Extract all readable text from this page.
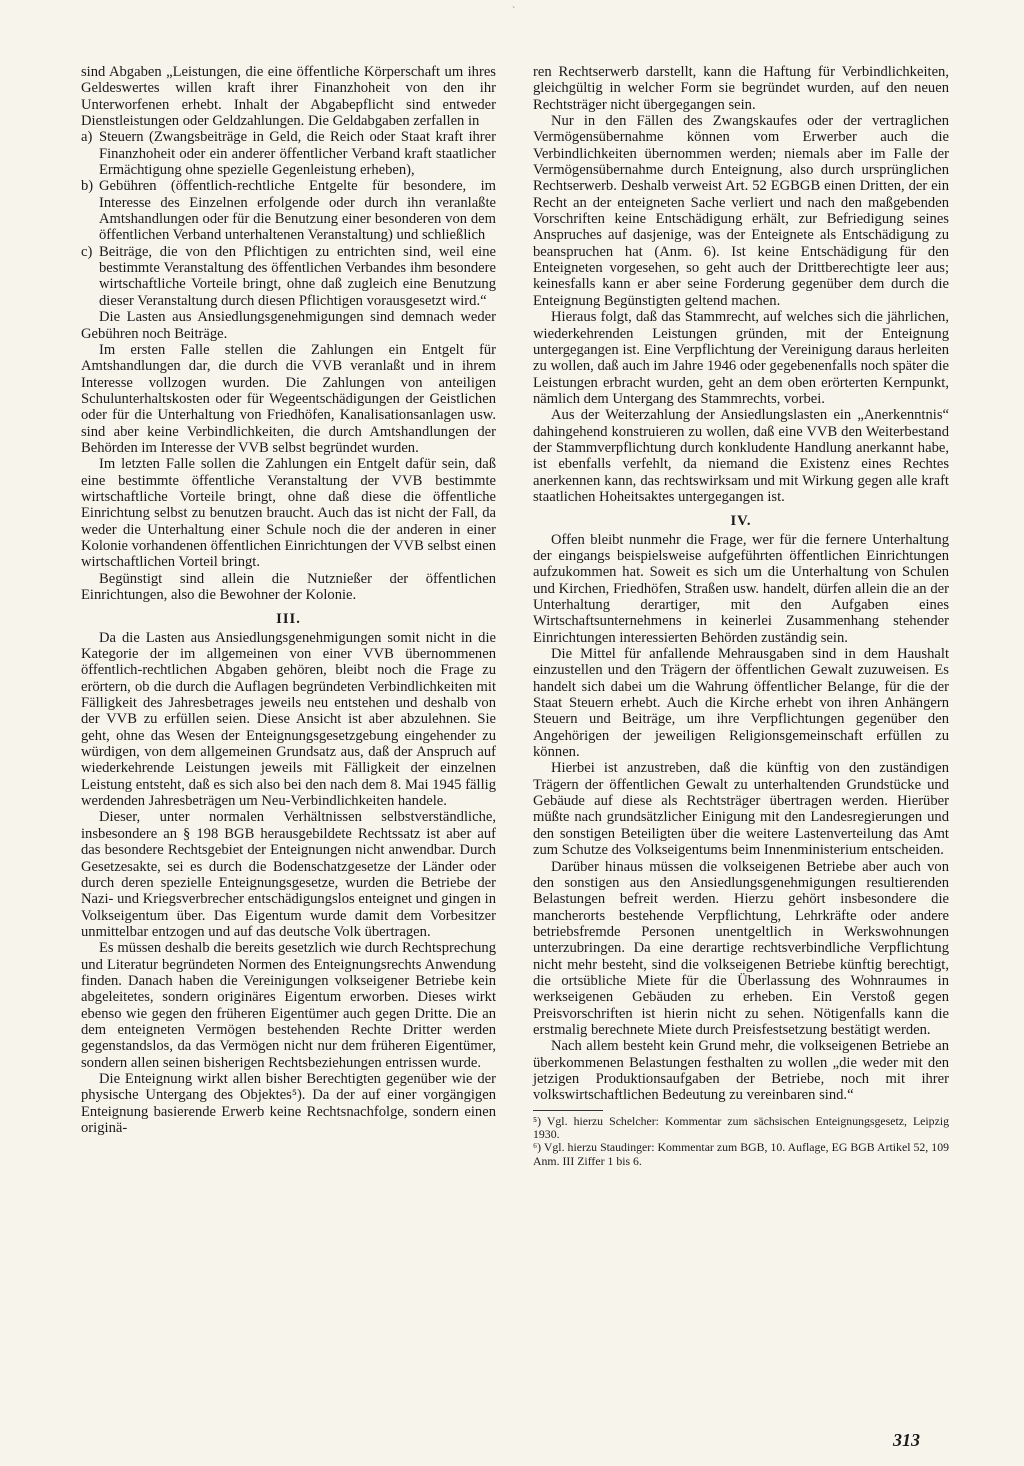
`

sind Abgaben „Leistungen, die eine öffentliche Körperschaft um ihres Geldeswertes willen kraft ihrer Finanzhoheit von den ihr Unterworfenen erhebt. Inhalt der Abgabepflicht sind entweder Dienstleistungen oder Geldzahlungen. Die Geldabgaben zerfallen in

a) Steuern (Zwangsbeiträge in Geld, die Reich oder Staat kraft ihrer Finanzhoheit oder ein anderer öffentlicher Verband kraft staatlicher Ermächtigung ohne spezielle Gegenleistung erheben),
b) Gebühren (öffentlich-rechtliche Entgelte für besondere, im Interesse des Einzelnen erfolgende oder durch ihn veranlaßte Amtshandlungen oder für die Benutzung einer besonderen von dem öffentlichen Verband unterhaltenen Veranstaltung) und schließlich
c) Beiträge, die von den Pflichtigen zu entrichten sind, weil eine bestimmte Veranstaltung des öffentlichen Verbandes ihm besondere wirtschaftliche Vorteile bringt, ohne daß zugleich eine Benutzung dieser Veranstaltung durch diesen Pflichtigen vorausgesetzt wird.“

Die Lasten aus Ansiedlungsgenehmigungen sind demnach weder Gebühren noch Beiträge.

Im ersten Falle stellen die Zahlungen ein Entgelt für Amtshandlungen dar, die durch die VVB veranlaßt und in ihrem Interesse vollzogen wurden. Die Zahlungen von anteiligen Schulunterhaltskosten oder für Wegeentschädigungen der Geistlichen oder für die Unterhaltung von Friedhöfen, Kanalisationsanlagen usw. sind aber keine Verbindlichkeiten, die durch Amtshandlungen der Behörden im Interesse der VVB selbst begründet wurden.

Im letzten Falle sollen die Zahlungen ein Entgelt dafür sein, daß eine bestimmte öffentliche Veranstaltung der VVB bestimmte wirtschaftliche Vorteile bringt, ohne daß diese die öffentliche Einrichtung selbst zu benutzen braucht. Auch das ist nicht der Fall, da weder die Unterhaltung einer Schule noch die der anderen in einer Kolonie vorhandenen öffentlichen Einrichtungen der VVB selbst einen wirtschaftlichen Vorteil bringt.

Begünstigt sind allein die Nutznießer der öffentlichen Einrichtungen, also die Bewohner der Kolonie.

III.

Da die Lasten aus Ansiedlungsgenehmigungen somit nicht in die Kategorie der im allgemeinen von einer VVB übernommenen öffentlich-rechtlichen Abgaben gehören, bleibt noch die Frage zu erörtern, ob die durch die Auflagen begründeten Verbindlichkeiten mit Fälligkeit des Jahresbetrages jeweils neu entstehen und deshalb von der VVB zu erfüllen seien. Diese Ansicht ist aber abzulehnen. Sie geht, ohne das Wesen der Enteignungsgesetzgebung eingehender zu würdigen, von dem allgemeinen Grundsatz aus, daß der Anspruch auf wiederkehrende Leistungen jeweils mit Fälligkeit der einzelnen Leistung entsteht, daß es sich also bei den nach dem 8. Mai 1945 fällig werdenden Jahresbeträgen um Neu-Verbindlichkeiten handele.

Dieser, unter normalen Verhältnissen selbstverständliche, insbesondere an § 198 BGB herausgebildete Rechtssatz ist aber auf das besondere Rechtsgebiet der Enteignungen nicht anwendbar. Durch Gesetzesakte, sei es durch die Bodenschatzgesetze der Länder oder durch deren spezielle Enteignungsgesetze, wurden die Betriebe der Nazi- und Kriegsverbrecher entschädigungslos enteignet und gingen in Volkseigentum über. Das Eigentum wurde damit dem Vorbesitzer unmittelbar entzogen und auf das deutsche Volk übertragen.

Es müssen deshalb die bereits gesetzlich wie durch Rechtsprechung und Literatur begründeten Normen des Enteignungsrechts Anwendung finden. Danach haben die Vereinigungen volkseigener Betriebe kein abgeleitetes, sondern originäres Eigentum erworben. Dieses wirkt ebenso wie gegen den früheren Eigentümer auch gegen Dritte. Die an dem enteigneten Vermögen bestehenden Rechte Dritter werden gegenstandslos, da das Vermögen nicht nur dem früheren Eigentümer, sondern allen seinen bisherigen Rechtsbeziehungen entrissen wurde.

Die Enteignung wirkt allen bisher Berechtigten gegenüber wie der physische Untergang des Objektes⁵). Da der auf einer vorgängigen Enteignung basierende Erwerb keine Rechtsnachfolge, sondern einen originä-

ren Rechtserwerb darstellt, kann die Haftung für Verbindlichkeiten, gleichgültig in welcher Form sie begründet wurden, auf den neuen Rechtsträger nicht übergegangen sein.

Nur in den Fällen des Zwangskaufes oder der vertraglichen Vermögensübernahme können vom Erwerber auch die Verbindlichkeiten übernommen werden; niemals aber im Falle der Vermögensübernahme durch Enteignung, also durch ursprünglichen Rechtserwerb. Deshalb verweist Art. 52 EGBGB einen Dritten, der ein Recht an der enteigneten Sache verliert und nach den maßgebenden Vorschriften keine Entschädigung erhält, zur Befriedigung seines Anspruches auf dasjenige, was der Enteignete als Entschädigung zu beanspruchen hat (Anm. 6). Ist keine Entschädigung für den Enteigneten vorgesehen, so geht auch der Drittberechtigte leer aus; keinesfalls kann er aber seine Forderung gegenüber dem durch die Enteignung Begünstigten geltend machen.

Hieraus folgt, daß das Stammrecht, auf welches sich die jährlichen, wiederkehrenden Leistungen gründen, mit der Enteignung untergegangen ist. Eine Verpflichtung der Vereinigung daraus herleiten zu wollen, daß auch im Jahre 1946 oder gegebenenfalls noch später die Leistungen erbracht wurden, geht an dem oben erörterten Kernpunkt, nämlich dem Untergang des Stammrechts, vorbei.

Aus der Weiterzahlung der Ansiedlungslasten ein „Anerkenntnis“ dahingehend konstruieren zu wollen, daß eine VVB den Weiterbestand der Stammverpflichtung durch konkludente Handlung anerkannt habe, ist ebenfalls verfehlt, da niemand die Existenz eines Rechtes anerkennen kann, das rechtswirksam und mit Wirkung gegen alle kraft staatlichen Hoheitsaktes untergegangen ist.

IV.

Offen bleibt nunmehr die Frage, wer für die fernere Unterhaltung der eingangs beispielsweise aufgeführten öffentlichen Einrichtungen aufzukommen hat. Soweit es sich um die Unterhaltung von Schulen und Kirchen, Friedhöfen, Straßen usw. handelt, dürfen allein die an der Unterhaltung derartiger, mit den Aufgaben eines Wirtschaftsunternehmens in keinerlei Zusammenhang stehender Einrichtungen interessierten Behörden zuständig sein.

Die Mittel für anfallende Mehrausgaben sind in dem Haushalt einzustellen und den Trägern der öffentlichen Gewalt zuzuweisen. Es handelt sich dabei um die Wahrung öffentlicher Belange, für die der Staat Steuern erhebt. Auch die Kirche erhebt von ihren Anhängern Steuern und Beiträge, um ihre Verpflichtungen gegenüber den Angehörigen der jeweiligen Religionsgemeinschaft erfüllen zu können.

Hierbei ist anzustreben, daß die künftig von den zuständigen Trägern der öffentlichen Gewalt zu unterhaltenden Grundstücke und Gebäude auf diese als Rechtsträger übertragen werden. Hierüber müßte nach grundsätzlicher Einigung mit den Landesregierungen und den sonstigen Beteiligten über die weitere Lastenverteilung das Amt zum Schutze des Volkseigentums beim Innenministerium entscheiden.

Darüber hinaus müssen die volkseigenen Betriebe aber auch von den sonstigen aus den Ansiedlungsgenehmigungen resultierenden Belastungen befreit werden. Hierzu gehört insbesondere die mancherorts bestehende Verpflichtung, Lehrkräfte oder andere betriebsfremde Personen unentgeltlich in Werkswohnungen unterzubringen. Da eine derartige rechtsverbindliche Verpflichtung nicht mehr besteht, sind die volkseigenen Betriebe künftig berechtigt, die ortsübliche Miete für die Überlassung des Wohnraumes in werkseigenen Gebäuden zu erheben. Ein Verstoß gegen Preisvorschriften ist hierin nicht zu sehen. Nötigenfalls kann die erstmalig berechnete Miete durch Preisfestsetzung bestätigt werden.

Nach allem besteht kein Grund mehr, die volkseigenen Betriebe an überkommenen Belastungen festhalten zu wollen „die weder mit den jetzigen Produktionsaufgaben der Betriebe, noch mit ihrer volkswirtschaftlichen Bedeutung zu vereinbaren sind.“

⁵) Vgl. hierzu Schelcher: Kommentar zum sächsischen Enteignungsgesetz, Leipzig 1930.

⁶) Vgl. hierzu Staudinger: Kommentar zum BGB, 10. Auflage, EG BGB Artikel 52, 109 Anm. III Ziffer 1 bis 6.

313
